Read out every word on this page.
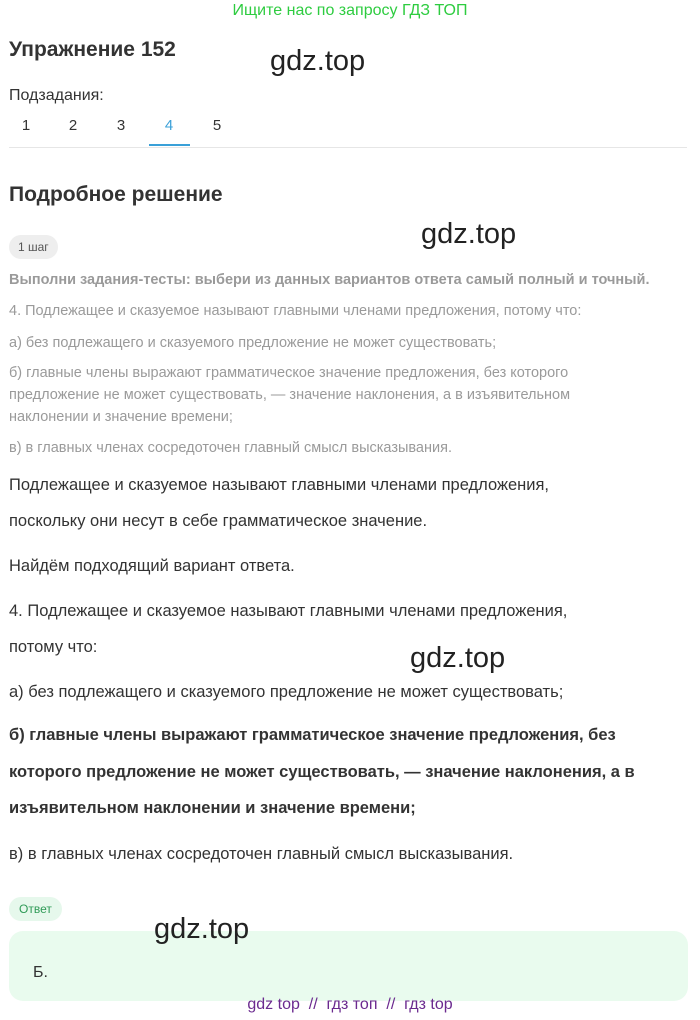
Ищите нас по запросу ГДЗ ТОП
Упражнение 152	gdz.top
Подзадания:
1	2	3	4	5
Подробное решение
1 шаг	gdz.top
Выполни задания-тесты: выбери из данных вариантов ответа самый полный и точный.
4. Подлежащее и сказуемое называют главными членами предложения, потому что:
а) без подлежащего и сказуемого предложение не может существовать;
б) главные члены выражают грамматическое значение предложения, без которого
предложение не может существовать, — значение наклонения, а в изъявительном
наклонении и значение времени;
в) в главных членах сосредоточен главный смысл высказывания.
Подлежащее и сказуемое называют главными членами предложения,
поскольку они несут в себе грамматическое значение.
Найдём подходящий вариант ответа.
4. Подлежащее и сказуемое называют главными членами предложения,
потому что:	gdz.top
а) без подлежащего и сказуемого предложение не может существовать;
б) главные члены выражают грамматическое значение предложения, без
которого предложение не может существовать, — значение наклонения, а в
изъявительном наклонении и значение времени;
в) в главных членах сосредоточен главный смысл высказывания.
Ответ
gdz.top
Б.
gdz top  //  гдз топ  //  гдз top
